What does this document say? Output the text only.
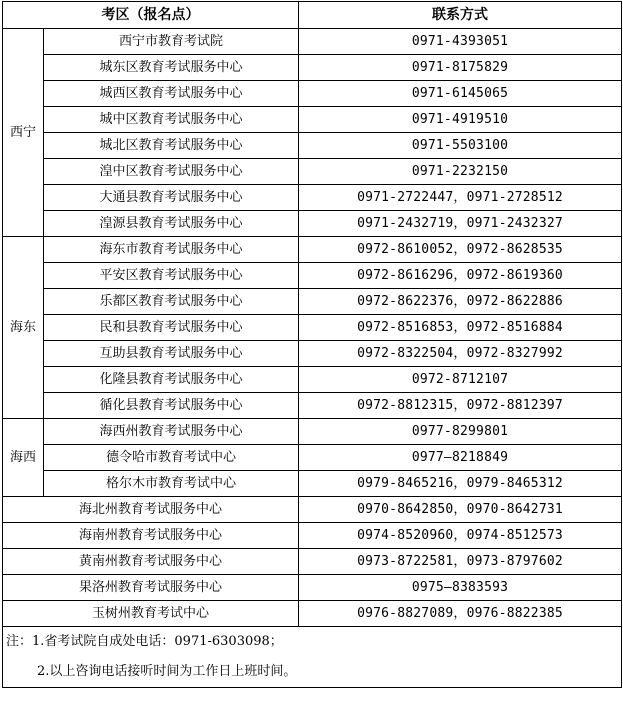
考区（报名点）		联系方式
西宁	西宁市教育考试院	0971-4393051
	城东区教育考试服务中心	0971-8175829
	城西区教育考试服务中心	0971-6145065
	城中区教育考试服务中心	0971-4919510
	城北区教育考试服务中心	0971-5503100
	湟中区教育考试服务中心	0971-2232150
	大通县教育考试服务中心	0971-2722447，0971-2728512
	湟源县教育考试服务中心	0971-2432719，0971-2432327
海东	海东市教育考试服务中心	0972-8610052，0972-8628535
	平安区教育考试服务中心	0972-8616296，0972-8619360
	乐都区教育考试服务中心	0972-8622376，0972-8622886
	民和县教育考试服务中心	0972-8516853，0972-8516884
	互助县教育考试服务中心	0972-8322504，0972-8327992
	化隆县教育考试服务中心	0972-8712107
	循化县教育考试服务中心	0972-8812315，0972-8812397
海西	海西州教育考试服务中心	0977-8299801
	德令哈市教育考试中心	0977—8218849
	格尔木市教育考试中心	0979-8465216，0979-8465312
海北州教育考试服务中心		0970-8642850，0970-8642731
海南州教育考试服务中心		0974-8520960，0974-8512573
黄南州教育考试服务中心		0973-8722581，0973-8797602
果洛州教育考试服务中心		0975—8383593
玉树州教育考试中心		0976-8827089，0976-8822385

注：1.省考试院自成处电话：0971-6303098；
2.以上咨询电话接听时间为工作日上班时间。		
